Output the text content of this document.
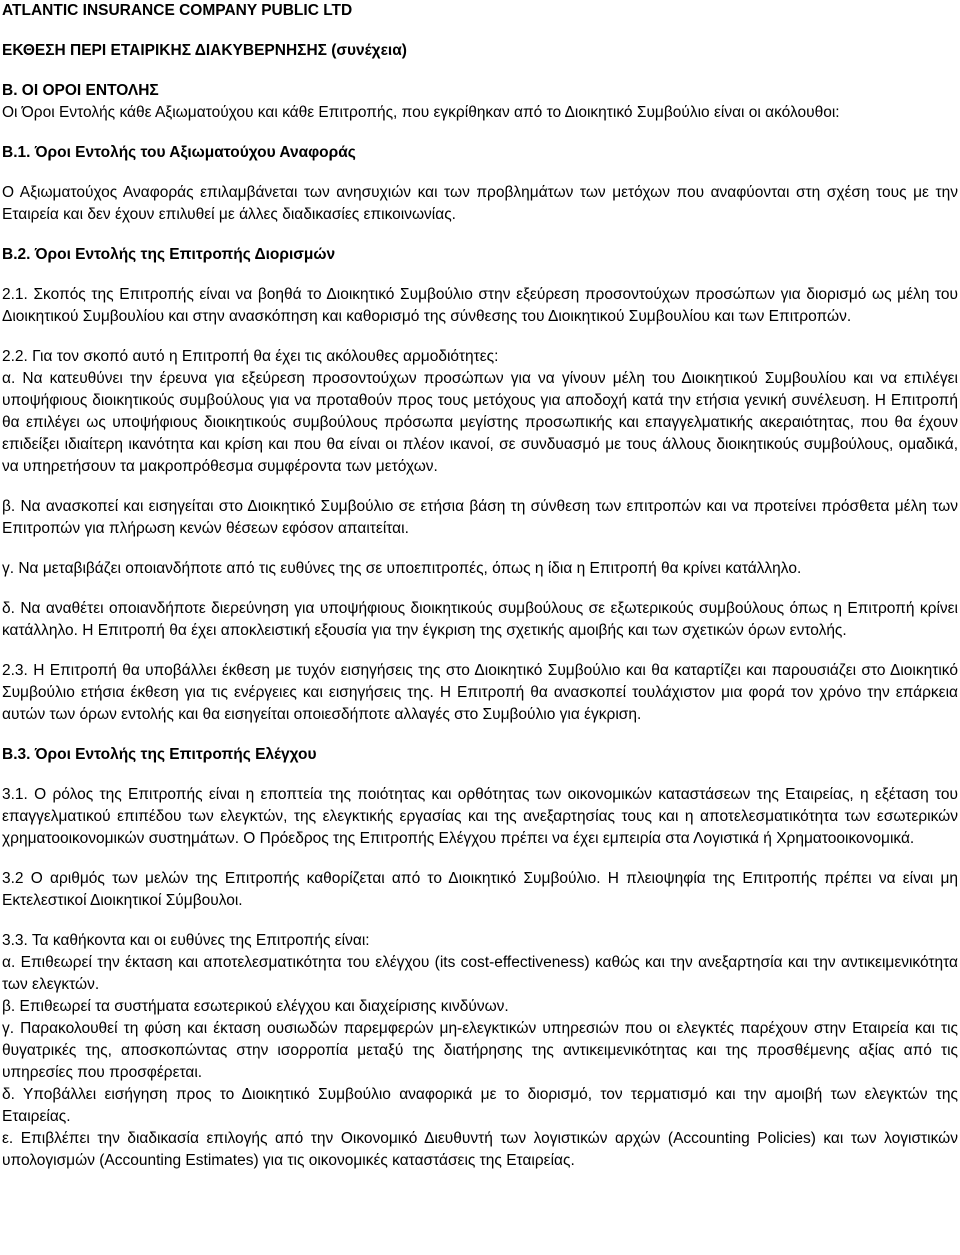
ATLANTIC INSURANCE COMPANY PUBLIC LTD

ΕΚΘΕΣΗ ΠΕΡΙ ΕΤΑΙΡΙΚΗΣ ΔΙΑΚΥΒΕΡΝΗΣΗΣ (συνέχεια)

Β. ΟΙ ΟΡΟΙ ΕΝΤΟΛΗΣ

Οι Όροι Εντολής κάθε Αξιωματούχου και κάθε Επιτροπής, που εγκρίθηκαν από το Διοικητικό Συμβούλιο είναι οι ακόλουθοι:

Β.1. Όροι Εντολής του Αξιωματούχου Αναφοράς

Ο Αξιωματούχος Αναφοράς επιλαμβάνεται των ανησυχιών και των προβλημάτων των μετόχων που αναφύονται στη σχέση τους με την Εταιρεία και δεν έχουν επιλυθεί με άλλες διαδικασίες επικοινωνίας.

Β.2. Όροι Εντολής της Επιτροπής Διορισμών

2.1. Σκοπός της Επιτροπής είναι να βοηθά το Διοικητικό Συμβούλιο στην εξεύρεση προσοντούχων προσώπων για διορισμό ως μέλη του Διοικητικού Συμβουλίου και στην ανασκόπηση και καθορισμό της σύνθεσης του Διοικητικού Συμβουλίου και των Επιτροπών.

2.2. Για τον σκοπό αυτό η Επιτροπή θα έχει τις ακόλουθες αρμοδιότητες:

α. Να κατευθύνει την έρευνα για εξεύρεση προσοντούχων προσώπων για να γίνουν μέλη του Διοικητικού Συμβουλίου και να επιλέγει υποψήφιους διοικητικούς συμβούλους για να προταθούν προς τους μετόχους για αποδοχή κατά την ετήσια γενική συνέλευση. Η Επιτροπή θα επιλέγει ως υποψήφιους διοικητικούς συμβούλους πρόσωπα μεγίστης προσωπικής και επαγγελματικής ακεραιότητας, που θα έχουν επιδείξει ιδιαίτερη ικανότητα και κρίση και που θα είναι οι πλέον ικανοί, σε συνδυασμό με τους άλλους διοικητικούς συμβούλους, ομαδικά, να υπηρετήσουν τα μακροπρόθεσμα συμφέροντα των μετόχων.

β. Να ανασκοπεί και εισηγείται στο Διοικητικό Συμβούλιο σε ετήσια βάση τη σύνθεση των επιτροπών και να προτείνει πρόσθετα μέλη των Επιτροπών για πλήρωση κενών θέσεων εφόσον απαιτείται.

γ. Να μεταβιβάζει οποιανδήποτε από τις ευθύνες της σε υποεπιτροπές, όπως η ίδια η Επιτροπή θα κρίνει κατάλληλο.

δ. Να αναθέτει οποιανδήποτε διερεύνηση για υποψήφιους διοικητικούς συμβούλους σε εξωτερικούς συμβούλους όπως η Επιτροπή κρίνει κατάλληλο. Η Επιτροπή θα έχει αποκλειστική εξουσία για την έγκριση της σχετικής αμοιβής και των σχετικών όρων εντολής.

2.3. Η Επιτροπή θα υποβάλλει έκθεση με τυχόν εισηγήσεις της στο Διοικητικό Συμβούλιο και θα καταρτίζει και παρουσιάζει στο Διοικητικό Συμβούλιο ετήσια έκθεση για τις ενέργειες και εισηγήσεις της. Η Επιτροπή θα ανασκοπεί τουλάχιστον μια φορά τον χρόνο την επάρκεια αυτών των όρων εντολής και θα εισηγείται οποιεσδήποτε αλλαγές στο Συμβούλιο για έγκριση.

Β.3. Όροι Εντολής της Επιτροπής Ελέγχου

3.1. Ο ρόλος της Επιτροπής είναι η εποπτεία της ποιότητας και ορθότητας των οικονομικών καταστάσεων της Εταιρείας, η εξέταση του επαγγελματικού επιπέδου των ελεγκτών, της ελεγκτικής εργασίας και της ανεξαρτησίας τους και η αποτελεσματικότητα των εσωτερικών χρηματοοικονομικών συστημάτων. Ο Πρόεδρος της Επιτροπής Ελέγχου πρέπει να έχει εμπειρία στα Λογιστικά ή Χρηματοοικονομικά.

3.2 Ο αριθμός των μελών της Επιτροπής καθορίζεται από το Διοικητικό Συμβούλιο. Η πλειοψηφία της Επιτροπής πρέπει να είναι μη Εκτελεστικοί Διοικητικοί Σύμβουλοι.

3.3. Τα καθήκοντα και οι ευθύνες της Επιτροπής είναι:

α. Επιθεωρεί την έκταση και αποτελεσματικότητα του ελέγχου (its cost-effectiveness) καθώς και την ανεξαρτησία και την αντικειμενικότητα των ελεγκτών.

β. Επιθεωρεί τα συστήματα εσωτερικού ελέγχου και διαχείρισης κινδύνων.

γ. Παρακολουθεί τη φύση και έκταση ουσιωδών παρεμφερών μη-ελεγκτικών υπηρεσιών που οι ελεγκτές παρέχουν στην Εταιρεία και τις θυγατρικές της, αποσκοπώντας στην ισορροπία μεταξύ της διατήρησης της αντικειμενικότητας και της προσθέμενης αξίας από τις υπηρεσίες που προσφέρεται.

δ. Υποβάλλει εισήγηση προς το Διοικητικό Συμβούλιο αναφορικά με το διορισμό, τον τερματισμό και την αμοιβή των ελεγκτών της Εταιρείας.

ε. Επιβλέπει την διαδικασία επιλογής από την Οικονομικό Διευθυντή των λογιστικών αρχών (Accounting Policies) και των λογιστικών υπολογισμών (Accounting Estimates) για τις οικονομικές καταστάσεις της Εταιρείας.
